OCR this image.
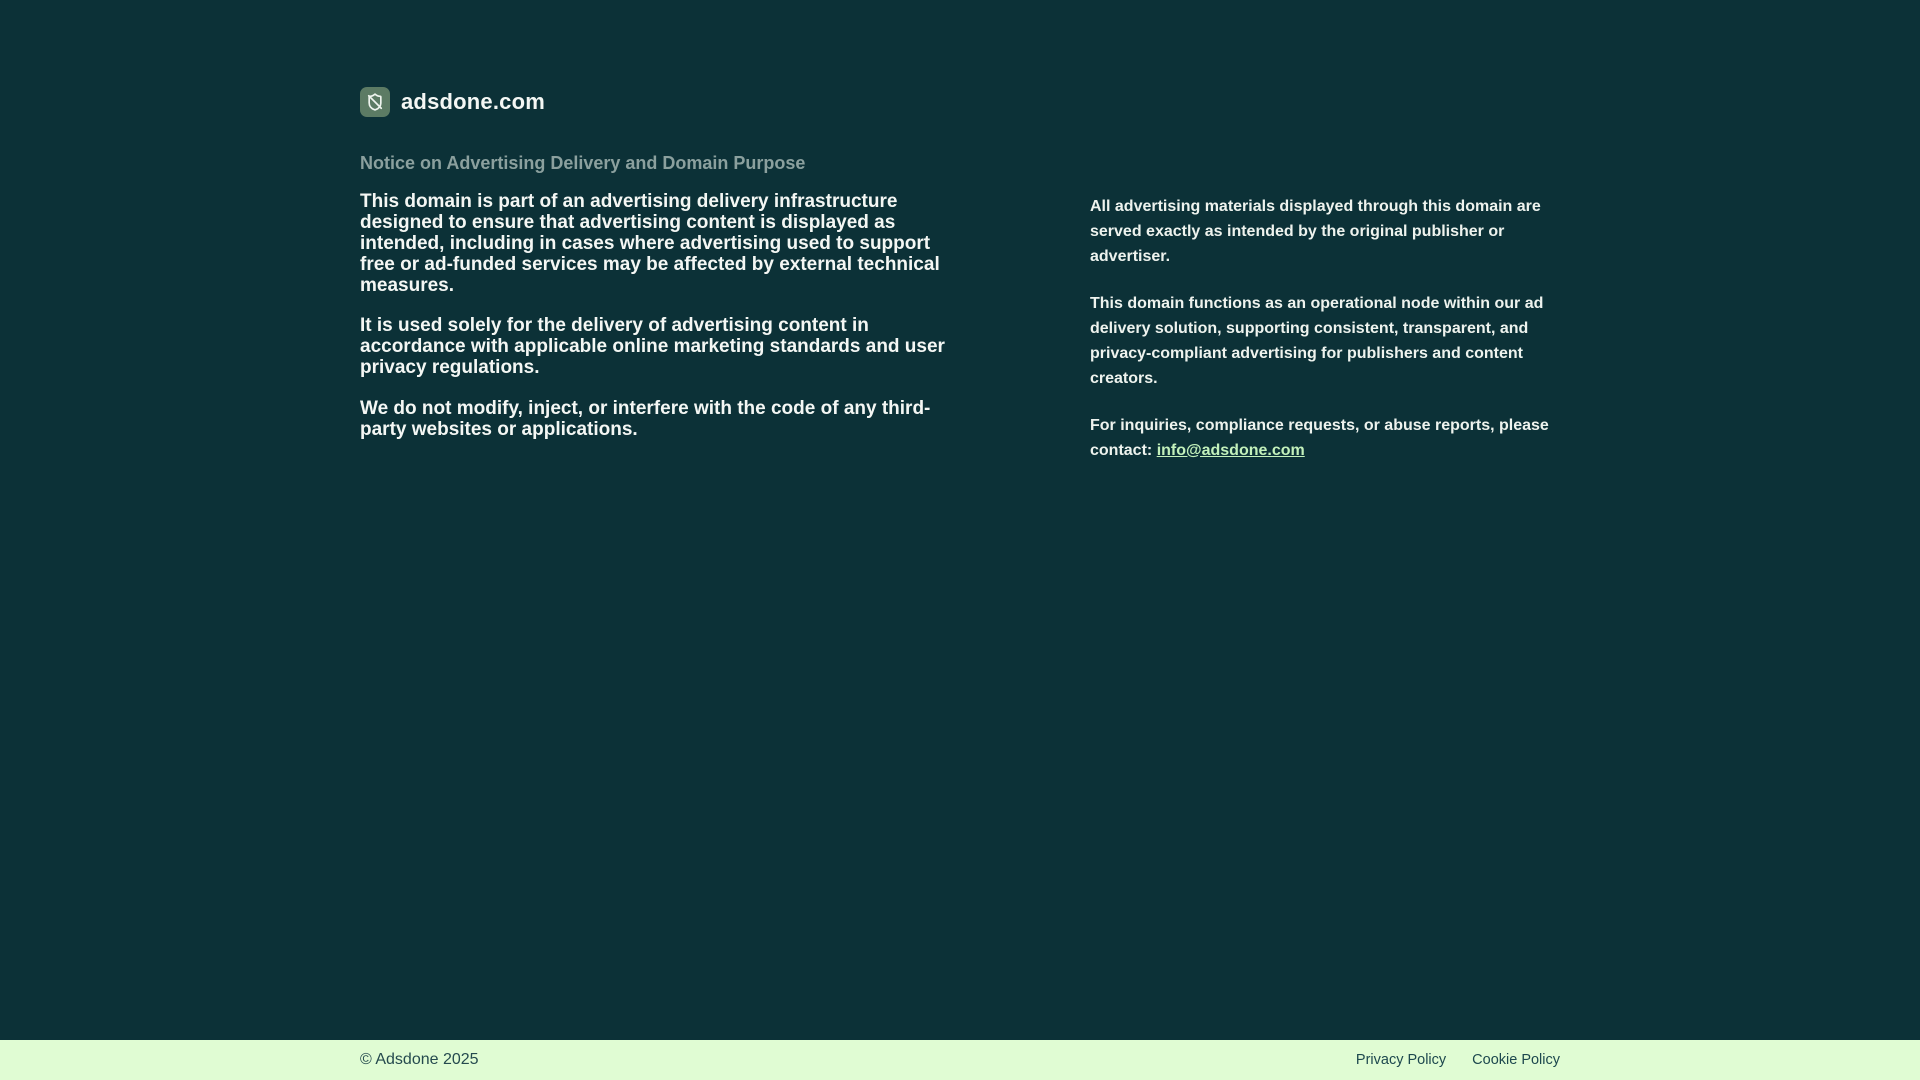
adsdone.com
Notice on Advertising Delivery and Domain Purpose

This domain is part of an advertising delivery infrastructure designed to ensure that advertising content is displayed as intended, including in cases where advertising used to support free or ad-funded services may be affected by external technical measures.

It is used solely for the delivery of advertising content in accordance with applicable online marketing standards and user privacy regulations.

We do not modify, inject, or interfere with the code of any third-party websites or applications.

All advertising materials displayed through this domain are served exactly as intended by the original publisher or advertiser.

This domain functions as an operational node within our ad delivery solution, supporting consistent, transparent, and privacy-compliant advertising for publishers and content creators.

For inquiries, compliance requests, or abuse reports, please contact: info@adsdone.com

© Adsdone 2025	Privacy Policy Cookie Policy
